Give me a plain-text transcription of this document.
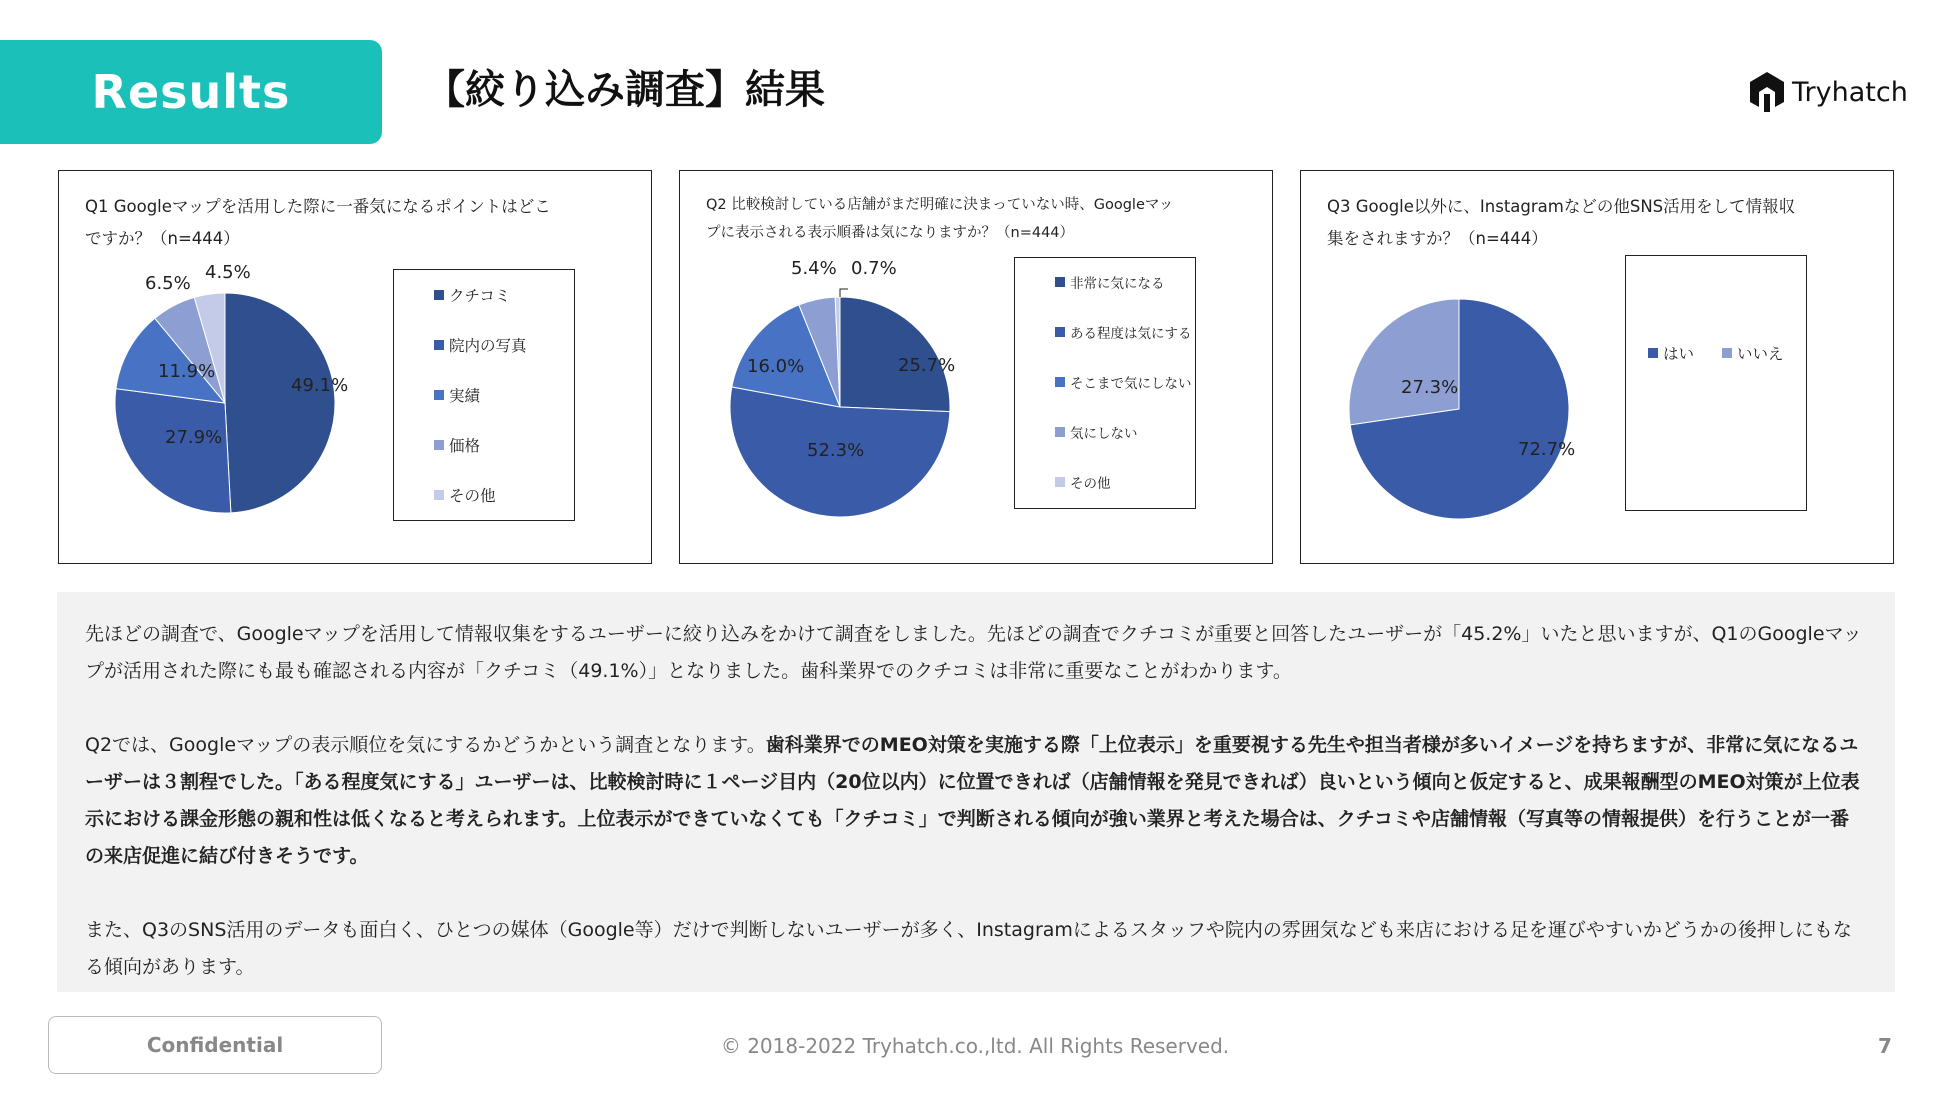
Results	【絞り込み調査】結果	Tryhatch
Q1 Googleマップを活用した際に一番気になるポイントはどこ
ですか？（n=444）
49.1%
27.9%
11.9%
6.5%
4.5%
クチコミ
院内の写真
実績
価格
その他
Q2 比較検討している店舗がまだ明確に決まっていない時、Googleマッ
プに表示される表示順番は気になりますか？（n=444）
25.7%
52.3%
16.0%
5.4% 0.7%
非常に気になる
ある程度は気にする
そこまで気にしない
気にしない
その他
Q3 Google以外に、Instagramなどの他SNS活用をして情報収
集をされますか？（n=444）
72.7%
27.3%
はい	いいえ

先ほどの調査で、Googleマップを活用して情報収集をするユーザーに絞り込みをかけて調査をしました。先ほどの調査でクチコミが重要と回答したユーザーが「45.2%」いたと思いますが、Q1のGoogleマップが活用された際にも最も確認される内容が「クチコミ（49.1%）」となりました。歯科業界でのクチコミは非常に重要なことがわかります。

Q2では、Googleマップの表示順位を気にするかどうかという調査となります。歯科業界でのMEO対策を実施する際「上位表示」を重要視する先生や担当者様が多いイメージを持ちますが、非常に気になるユーザーは３割程でした。「ある程度気にする」ユーザーは、比較検討時に１ページ目内（20位以内）に位置できれば（店舗情報を発見できれば）良いという傾向と仮定すると、成果報酬型のMEO対策が上位表示における課金形態の親和性は低くなると考えられます。上位表示ができていなくても「クチコミ」で判断される傾向が強い業界と考えた場合は、クチコミや店舗情報（写真等の情報提供）を行うことが一番の来店促進に結び付きそうです。

また、Q3のSNS活用のデータも面白く、ひとつの媒体（Google等）だけで判断しないユーザーが多く、Instagramによるスタッフや院内の雰囲気なども来店における足を運びやすいかどうかの後押しにもなる傾向があります。

Confidential	© 2018-2022 Tryhatch.co.,ltd. All Rights Reserved.	7
